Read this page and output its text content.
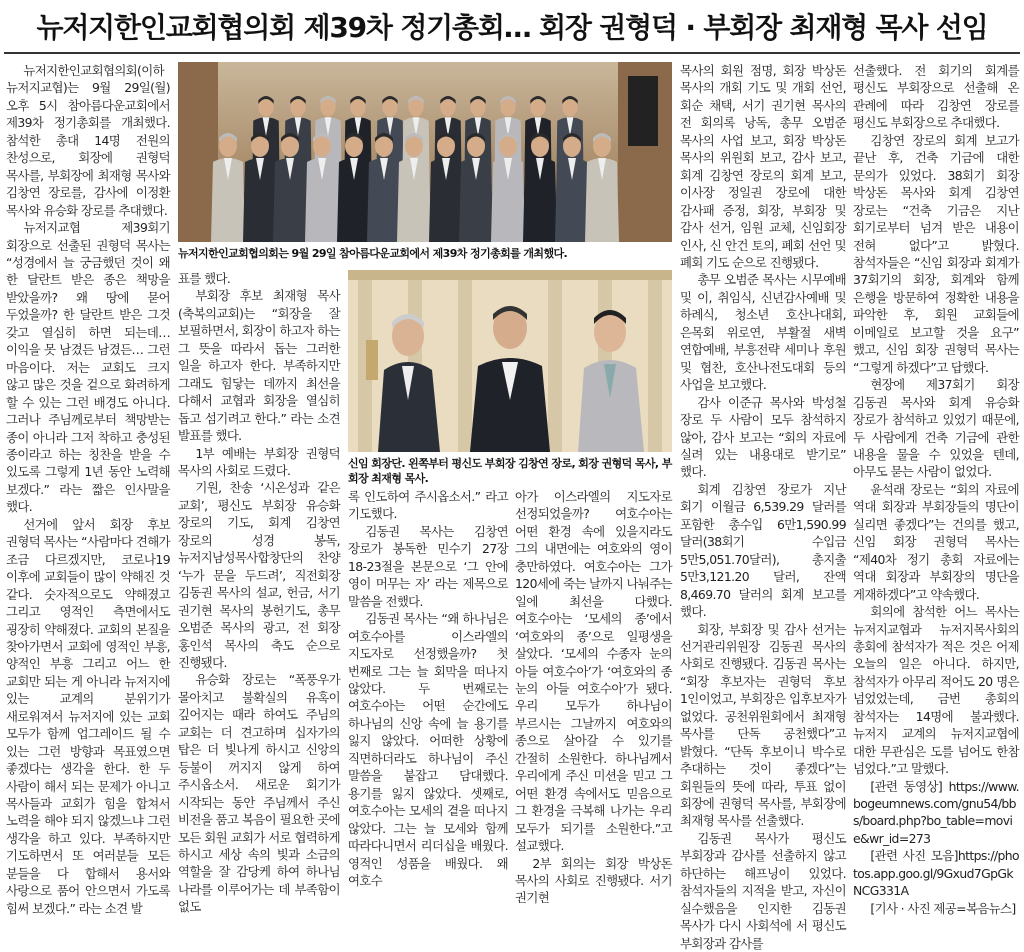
뉴저지한인교회협의회 제39차 정기총회… 회장 권형덕 · 부회장 최재형 목사 선임

뉴저지한인교회협의회(이하 뉴저지교협)는 9월 29일(월) 오후 5시 참아름다운교회에서 제39차 정기총회를 개최했다. 참석한 총대 14명 전원의 찬성으로, 회장에 권형덕 목사를, 부회장에 최재형 목사와 김창연 장로를, 감사에 이정환 목사와 유승화 장로를 추대했다.

뉴저지교협 제39회기 회장으로 선출된 권형덕 목사는 “성경에서 늘 궁금했던 것이 왜 한 달란트 받은 종은 책망을 받았을까? 왜 땅에 묻어 두었을까? 한 달란트 받은 그것 갖고 열심히 하면 되는데… 이익을 못 남겼든 남겼든… 그런 마음이다. 저는 교회도 크지 않고 많은 것을 겉으로 화려하게 할 수 있는 그런 배경도 아니다. 그러나 주님께로부터 책망받는 종이 아니라 그저 착하고 충성된 종이라고 하는 칭찬을 받을 수 있도록 그렇게 1년 동안 노력해 보겠다.” 라는 짧은 인사말을 했다.

선거에 앞서 회장 후보 권형덕 목사는 “사람마다 견해가 조금 다르겠지만, 코로나19 이후에 교회들이 많이 약해진 것 같다. 숫자적으로도 약해졌고 그리고 영적인 측면에서도 굉장히 약해졌다. 교회의 본질을 찾아가면서 교회에 영적인 부흥, 양적인 부흥 그리고 어느 한 교회만 되는 게 아니라 뉴저지에 있는 교계의 분위기가 새로워져서 뉴저지에 있는 교회 모두가 함께 업그레이드 될 수 있는 그런 방향과 목표였으면 좋겠다는 생각을 한다. 한 두 사람이 해서 되는 문제가 아니고 목사들과 교회가 힘을 합쳐서 노력을 해야 되지 않겠느냐 그런 생각을 하고 있다. 부족하지만 기도하면서 또 여러분들 모든 분들을 다 합해서 용서와 사랑으로 품어 안으면서 가도록 힘써 보겠다.” 라는 소견 발

뉴저지한인교회협의회는 9월 29일 참아름다운교회에서 제39차 정기총회를 개최했다.

표를 했다.

부회장 후보 최재형 목사(축복의교회)는 “회장을 잘 보필하면서, 회장이 하고자 하는 그 뜻을 따라서 돕는 그러한 일을 하고자 한다. 부족하지만 그래도 힘닿는 데까지 최선을 다해서 교협과 회장을 열심히 돕고 섬기려고 한다.” 라는 소견 발표를 했다.

1부 예배는 부회장 권형덕 목사의 사회로 드렸다.

기원, 찬송 ‘시온성과 같은 교회’, 평신도 부회장 유승화 장로의 기도, 회계 김창연 장로의 성경 봉독, 뉴저지남성목사합창단의 찬양 ‘누가 문을 두드려’, 직전회장 김동권 목사의 설교, 헌금, 서기 권기현 목사의 봉헌기도, 총무 오범준 목사의 광고, 전 회장 홍인석 목사의 축도 순으로 진행됐다.

유승화 장로는 “폭풍우가 몰아치고 불확실의 유혹이 깊어지는 때라 하여도 주님의 교회는 더 견고하며 십자가의 탑은 더 빛나게 하시고 신앙의 등불이 꺼지지 않게 하여 주시옵소서. 새로운 회기가 시작되는 동안 주님께서 주신 비전을 품고 복음이 필요한 곳에 모든 회원 교회가 서로 협력하게 하시고 세상 속의 빛과 소금의 역할을 잘 감당케 하여 하나님 나라를 이루어가는 데 부족함이 없도

신임 회장단. 왼쪽부터 평신도 부회장 김창연 장로, 회장 권형덕 목사, 부회장 최재형 목사.

록 인도하여 주시옵소서.” 라고 기도했다.

김동권 목사는 김창연 장로가 봉독한 민수기 27장 18-23절을 본문으로 ‘그 안에 영이 머무는 자’ 라는 제목으로 말씀을 전했다.

김동권 목사는 “왜 하나님은 여호수아를 이스라엘의 지도자로 선정했을까? 첫 번째로 그는 늘 회막을 떠나지 않았다. 두 번째로는 여호수아는 어떤 순간에도 하나님의 신앙 속에 늘 용기를 잃지 않았다. 어떠한 상황에 직면하더라도 하나님이 주신 말씀을 붙잡고 담대했다. 용기를 잃지 않았다. 셋째로, 여호수아는 모세의 곁을 떠나지 않았다. 그는 늘 모세와 함께 따라다니면서 리더십을 배웠다. 영적인 성품을 배웠다. 왜 여호수

아가 이스라엘의 지도자로 선정되었을까? 여호수아는 어떤 환경 속에 있을지라도 그의 내면에는 여호와의 영이 충만하였다. 여호수아는 그가 120세에 죽는 날까지 나눠주는 일에 최선을 다했다. 여호수아는 ‘모세의 종’에서 ‘여호와의 종’으로 일평생을 살았다. ‘모세의 수종자 눈의 아들 여호수아’가 ‘여호와의 종 눈의 아들 여호수아’가 됐다. 우리 모두가 하나님이 부르시는 그날까지 여호와의 종으로 살아갈 수 있기를 간절히 소원한다. 하나님께서 우리에게 주신 미션을 믿고 그 어떤 환경 속에서도 믿음으로 그 환경을 극복해 나가는 우리 모두가 되기를 소원한다.”고 설교했다.

2부 회의는 회장 박상돈 목사의 사회로 진행됐다. 서기 권기현

목사의 회원 점명, 회장 박상돈 목사의 개회 기도 및 개회 선언, 회순 채택, 서기 권기현 목사의 전 회의록 낭독, 총무 오범준 목사의 사업 보고, 회장 박상돈 목사의 위원회 보고, 감사 보고, 회계 김창연 장로의 회계 보고, 이사장 정일권 장로에 대한 감사패 증정, 회장, 부회장 및 감사 선거, 임원 교체, 신임회장 인사, 신 안건 토의, 폐회 선언 및 폐회 기도 순으로 진행됐다.

총무 오범준 목사는 시무예배 및 이, 취임식, 신년감사예배 및 하례식, 청소년 호산나대회, 은목회 위로연, 부활절 새벽 연합예배, 부흥전략 세미나 후원 및 협찬, 호산나전도대회 등의 사업을 보고했다.

감사 이준규 목사와 박성철 장로 두 사람이 모두 참석하지 않아, 감사 보고는 “회의 자료에 실려 있는 내용대로 받기로” 했다.

회계 김창연 장로가 지난 회기 이월금 6,539.29 달러를 포함한 총수입 6만1,590.99 달러(38회기 수입금 5만5,051.70달러), 총지출 5만3,121.20 달러, 잔액 8,469.70 달러의 회계 보고를 했다.

회장, 부회장 및 감사 선거는 선거관리위원장 김동권 목사의 사회로 진행됐다. 김동권 목사는 “회장 후보자는 권형덕 후보 1인이었고, 부회장은 입후보자가 없었다. 공천위원회에서 최재형 목사를 단독 공천했다”고 밝혔다. “단독 후보이니 박수로 추대하는 것이 좋겠다”는 회원들의 뜻에 따라, 투표 없이 회장에 권형덕 목사를, 부회장에 최재형 목사를 선출했다.

김동권 목사가 평신도 부회장과 감사를 선출하지 않고 하단하는 해프닝이 있었다. 참석자들의 지적을 받고, 자신이 실수했음을 인지한 김동권 목사가 다시 사회석에 서 평신도 부회장과 감사를

선출했다. 전 회기의 회계를 평신도 부회장으로 선출해 온 관례에 따라 김창연 장로를 평신도 부회장으로 추대했다.

김창연 장로의 회계 보고가 끝난 후, 건축 기금에 대한 문의가 있었다. 38회기 회장 박상돈 목사와 회계 김창연 장로는 “건축 기금은 지난 회기로부터 넘겨 받은 내용이 전혀 없다”고 밝혔다. 참석자들은 “신임 회장과 회계가 37회기의 회장, 회계와 함께 은행을 방문하여 정확한 내용을 파악한 후, 회원 교회들에 이메일로 보고할 것을 요구” 했고, 신임 회장 권형덕 목사는 “그렇게 하겠다”고 답했다.

현장에 제37회기 회장 김동권 목사와 회계 유승화 장로가 참석하고 있었기 때문에, 두 사람에게 건축 기금에 관한 내용을 물을 수 있었을 텐데, 아무도 묻는 사람이 없었다.

윤석래 장로는 “회의 자료에 역대 회장과 부회장들의 명단이 실리면 좋겠다”는 건의를 했고, 신임 회장 권형덕 목사는 “제40차 정기 총회 자료에는 역대 회장과 부회장의 명단을 게재하겠다”고 약속했다.

회의에 참석한 어느 목사는 뉴저지교협과 뉴저지목사회의 총회에 참석자가 적은 것은 어제 오늘의 일은 아니다. 하지만, 참석자가 아무리 적어도 20 명은 넘었었는데, 금번 총회의 참석자는 14명에 불과했다. 뉴저지 교계의 뉴저지교협에 대한 무관심은 도를 넘어도 한참 넘었다.”고 말했다.

[관련 동영상] https://www.bogeumnews.com/gnu54/bbs/board.php?bo_table=movie&wr_id=273

[관련 사진 모음]https://photos.app.goo.gl/9Gxud7GpGkNCG331A

[기사 · 사진 제공=복음뉴스]
